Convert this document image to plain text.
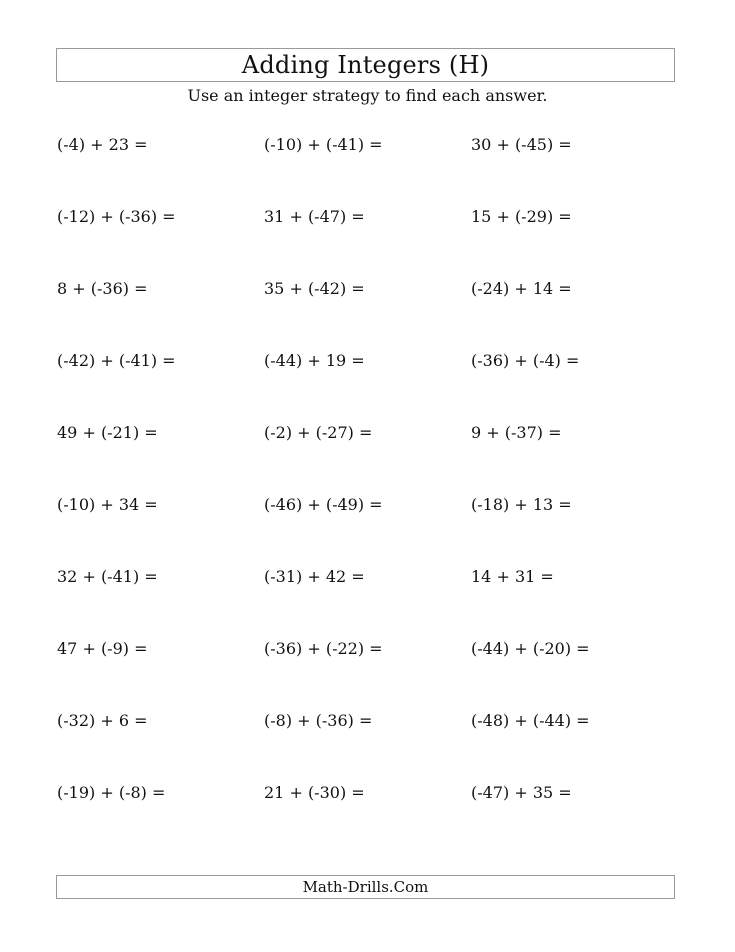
Adding Integers (H)
Use an integer strategy to find each answer.
(-4) + 23 =	(-10) + (-41) =	30 + (-45) =
(-12) + (-36) =	31 + (-47) =	15 + (-29) =
8 + (-36) =	35 + (-42) =	(-24) + 14 =
(-42) + (-41) =	(-44) + 19 =	(-36) + (-4) =
49 + (-21) =	(-2) + (-27) =	9 + (-37) =
(-10) + 34 =	(-46) + (-49) =	(-18) + 13 =
32 + (-41) =	(-31) + 42 =	14 + 31 =
47 + (-9) =	(-36) + (-22) =	(-44) + (-20) =
(-32) + 6 =	(-8) + (-36) =	(-48) + (-44) =
(-19) + (-8) =	21 + (-30) =	(-47) + 35 =
Math-Drills.Com
